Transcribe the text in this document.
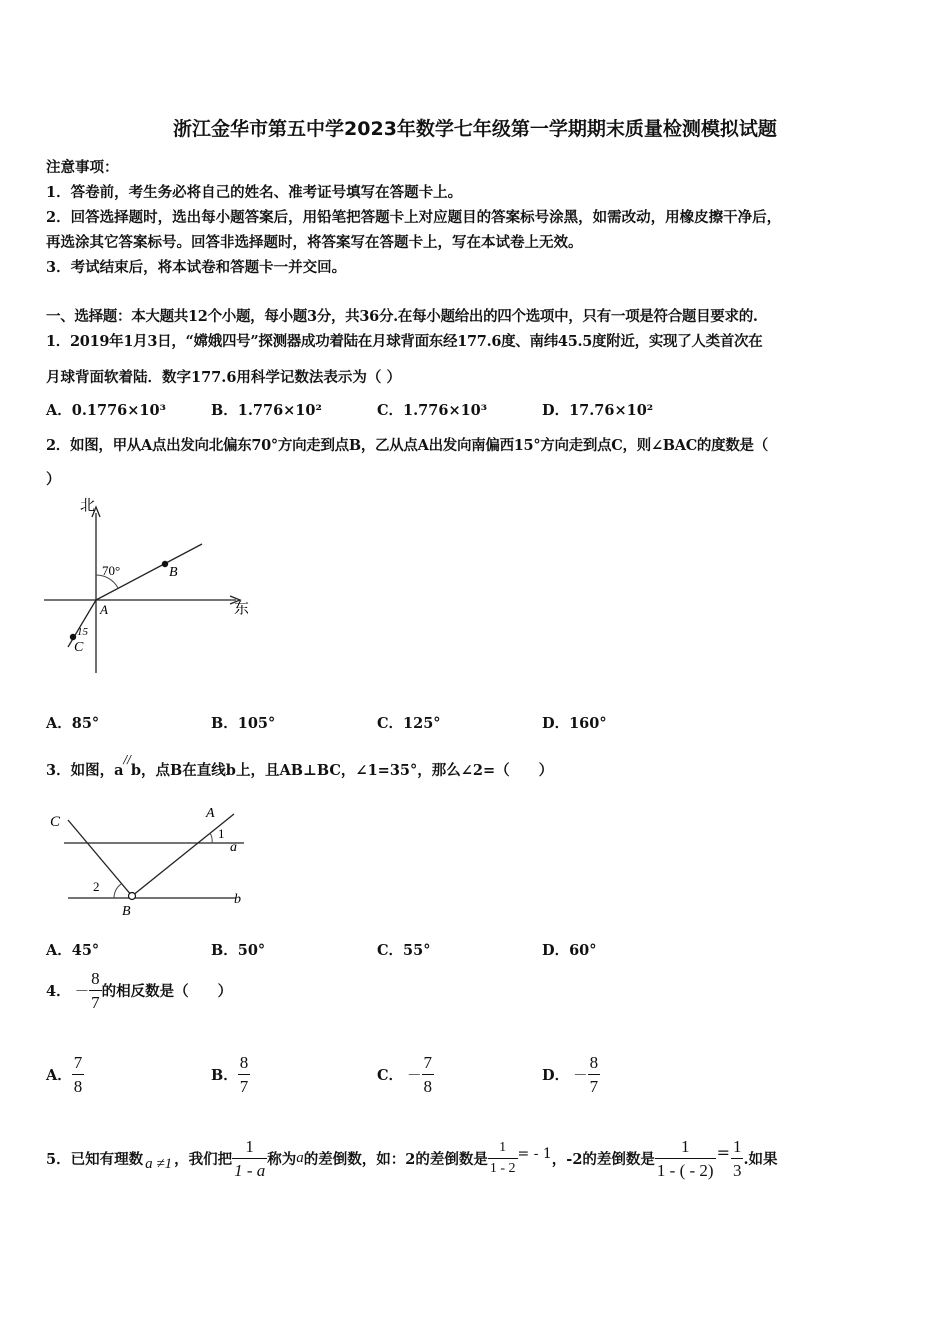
浙江金华市第五中学2023年数学七年级第一学期期末质量检测模拟试题
注意事项：
1．答卷前，考生务必将自己的姓名、准考证号填写在答题卡上。
2．回答选择题时，选出每小题答案后，用铅笔把答题卡上对应题目的答案标号涂黑，如需改动，用橡皮擦干净后，
再选涂其它答案标号。回答非选择题时，将答案写在答题卡上，写在本试卷上无效。
3．考试结束后，将本试卷和答题卡一并交回。
一、选择题：本大题共12个小题，每小题3分，共36分.在每小题给出的四个选项中，只有一项是符合题目要求的.
1．2019年1月3日，“嫦娥四号”探测器成功着陆在月球背面东经177.6度、南纬45.5度附近，实现了人类首次在
月球背面软着陆．数字177.6用科学记数法表示为（ ）
A．0.1776×10³	B．1.776×10²	C．1.776×10³	D．17.76×10²
2．如图，甲从A点出发向北偏东70°方向走到点B，乙从点A出发向南偏西15°方向走到点C，则∠BAC的度数是（
）
北
东
A
B
C
70°
15
A．85°	B．105°	C．125°	D．160°
3．如图，a//b，点B在直线b上，且AB⊥BC，∠1=35°，那么∠2=（　　）
C
A
1
a
2
B
b
A．45°	B．50°	C．55°	D．60°
4． － $\frac{8}{7}$ 的相反数是（　　）
A． $\frac{7}{8}$	B． $\frac{8}{7}$	C． － $\frac{7}{8}$	D． － $\frac{8}{7}$
5．已知有理数 a ≠1 ，我们把 $\frac{1}{1 - a}$ 称为 a 的差倒数，如：2的差倒数是 $\frac{1}{1 - 2}$ = - 1 ，-2的差倒数是 $\frac{1}{1 - ( - 2)} = \frac{1}{3}$ .如果
